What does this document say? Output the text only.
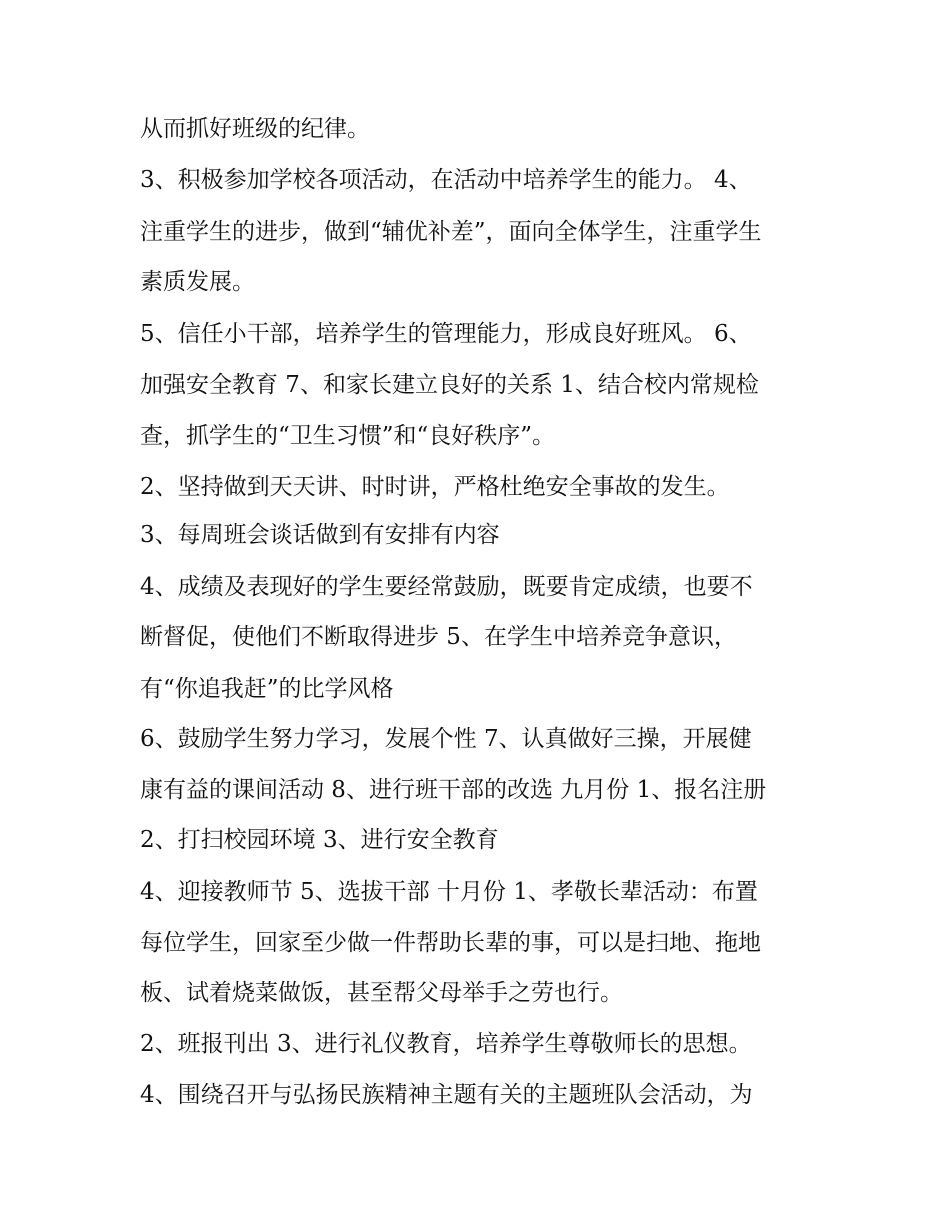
从而抓好班级的纪律。

3、积极参加学校各项活动，在活动中培养学生的能力。 4、

注重学生的进步，做到“辅优补差”，面向全体学生，注重学生

素质发展。

5、信任小干部，培养学生的管理能力，形成良好班风。 6、

加强安全教育 7、和家长建立良好的关系 1、结合校内常规检

查，抓学生的“卫生习惯”和“良好秩序”。

2、坚持做到天天讲、时时讲，严格杜绝安全事故的发生。

3、每周班会谈话做到有安排有内容

4、成绩及表现好的学生要经常鼓励，既要肯定成绩，也要不

断督促，使他们不断取得进步 5、在学生中培养竞争意识，

有“你追我赶”的比学风格

6、鼓励学生努力学习，发展个性 7、认真做好三操，开展健

康有益的课间活动 8、进行班干部的改选 九月份 1、报名注册

2、打扫校园环境 3、进行安全教育

4、迎接教师节 5、选拔干部 十月份 1、孝敬长辈活动：布置

每位学生，回家至少做一件帮助长辈的事，可以是扫地、拖地

板、试着烧菜做饭，甚至帮父母举手之劳也行。

2、班报刊出 3、进行礼仪教育，培养学生尊敬师长的思想。

4、围绕召开与弘扬民族精神主题有关的主题班队会活动，为
